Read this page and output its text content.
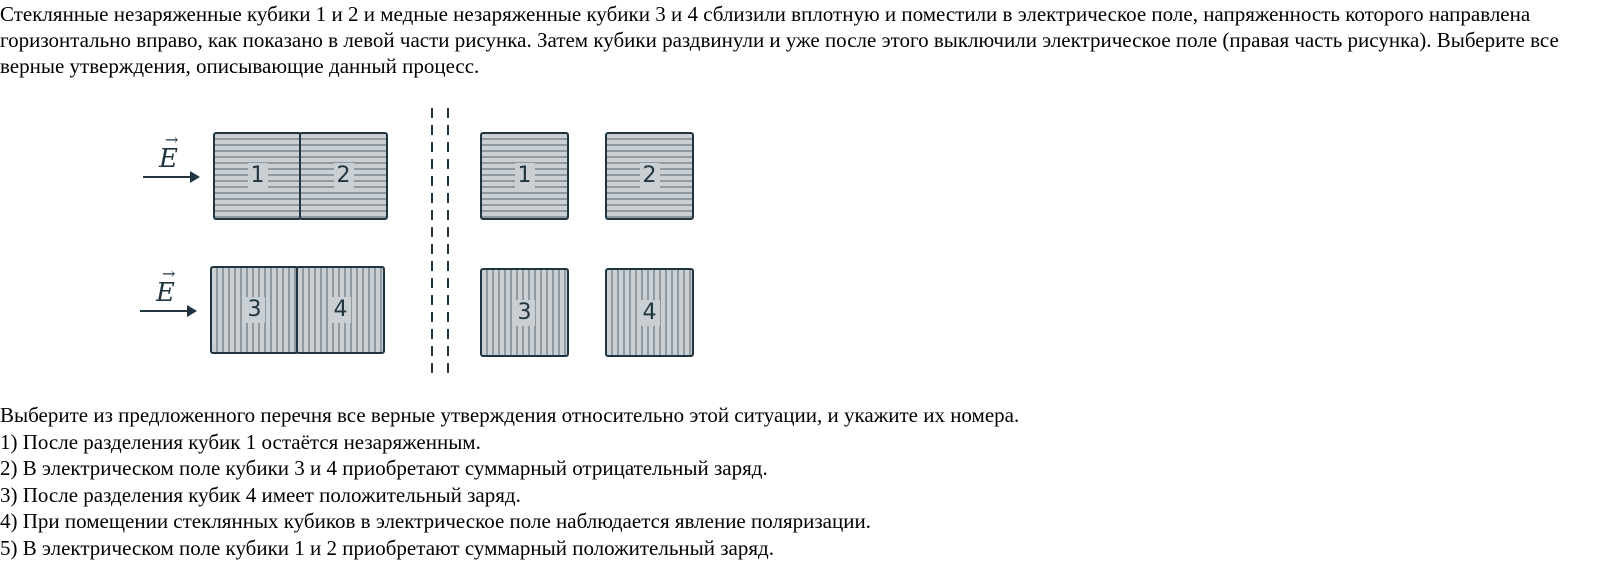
Стеклянные незаряженные кубики 1 и 2 и медные незаряженные кубики 3 и 4 сблизили вплотную и поместили в электрическое поле, напряженность которого направлена горизонтально вправо, как показано в левой части рисунка. Затем кубики раздвинули и уже после этого выключили электрическое поле (правая часть рисунка). Выберите все верные утверждения, описывающие данный процесс.

→
E
1	2
→
E
3	4
1	2
3	4
Выберите из предложенного перечня все верные утверждения относительно этой ситуации, и укажите их номера.
1) После разделения кубик 1 остаётся незаряженным.
2) В электрическом поле кубики 3 и 4 приобретают суммарный отрицательный заряд.
3) После разделения кубик 4 имеет положительный заряд.
4) При помещении стеклянных кубиков в электрическое поле наблюдается явление поляризации.
5) В электрическом поле кубики 1 и 2 приобретают суммарный положительный заряд.
